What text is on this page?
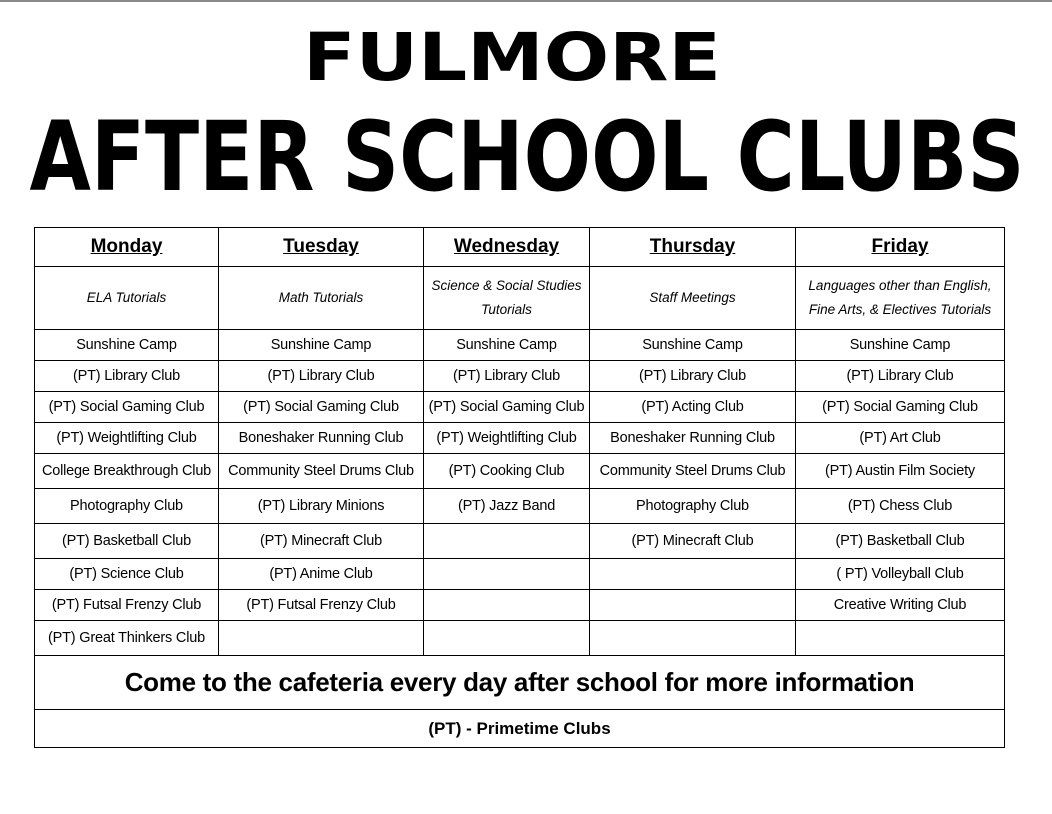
FULMORE
AFTER SCHOOL CLUBS
Monday	Tuesday	Wednesday	Thursday	Friday
ELA Tutorials	Math Tutorials	Science & Social Studies Tutorials	Staff Meetings	Languages other than English, Fine Arts, & Electives Tutorials
Sunshine Camp	Sunshine Camp	Sunshine Camp	Sunshine Camp	Sunshine Camp
(PT) Library Club	(PT) Library Club	(PT) Library Club	(PT) Library Club	(PT) Library Club
(PT) Social Gaming Club	(PT) Social Gaming Club	(PT) Social Gaming Club	(PT) Acting Club	(PT) Social Gaming Club
(PT) Weightlifting Club	Boneshaker Running Club	(PT) Weightlifting Club	Boneshaker Running Club	(PT) Art Club
College Breakthrough Club	Community Steel Drums Club	(PT) Cooking Club	Community Steel Drums Club	(PT) Austin Film Society
Photography Club	(PT) Library Minions	(PT) Jazz Band	Photography Club	(PT) Chess Club
(PT) Basketball Club	(PT) Minecraft Club		(PT) Minecraft Club	(PT) Basketball Club
(PT) Science Club	(PT) Anime Club			( PT) Volleyball Club
(PT) Futsal Frenzy Club	(PT) Futsal Frenzy Club			Creative Writing Club
(PT) Great Thinkers Club				
Come to the cafeteria every day after school for more information				
(PT) - Primetime Clubs				
